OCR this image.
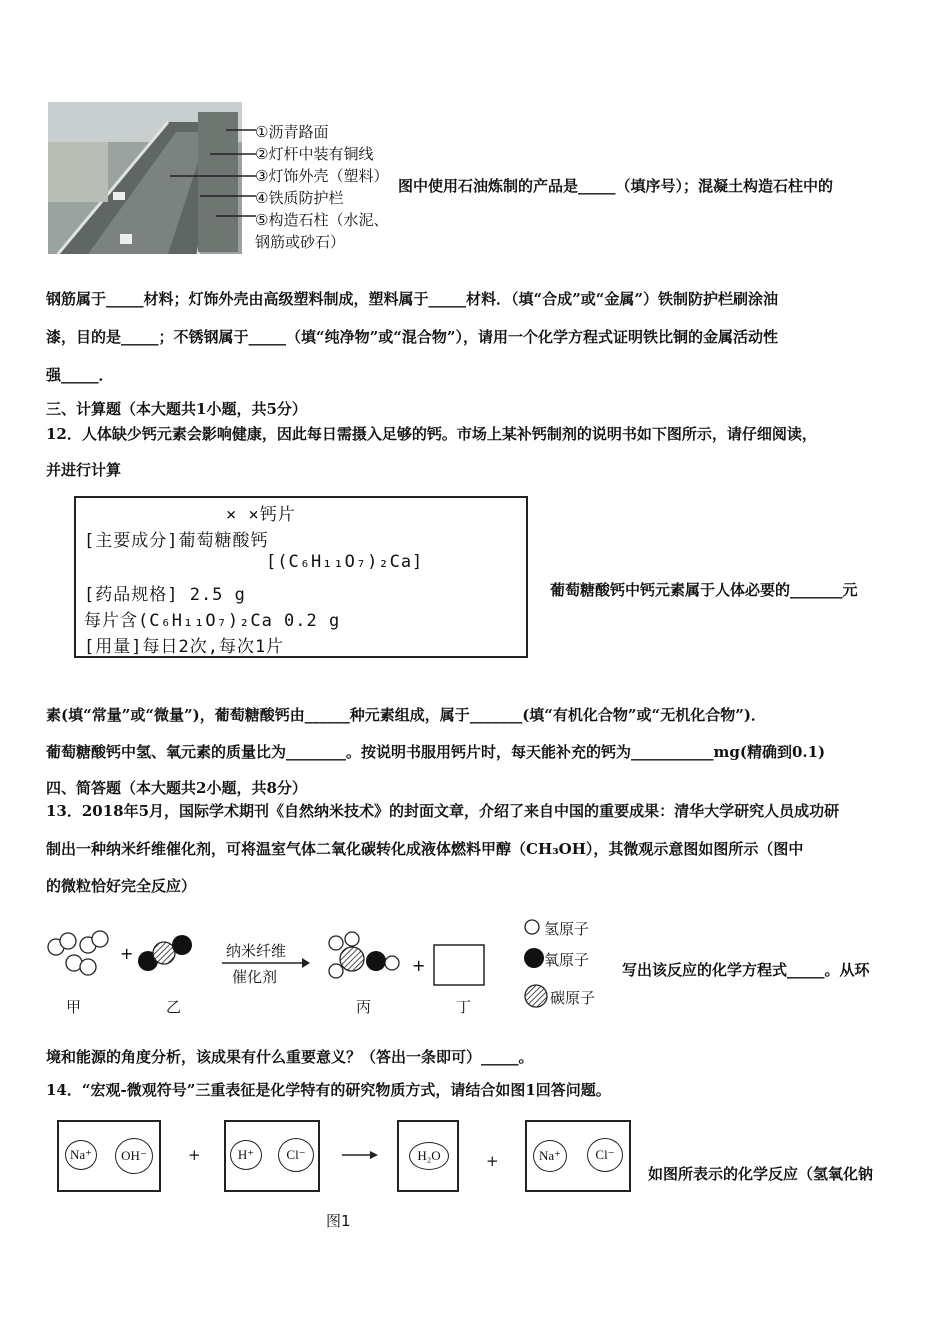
①沥青路面
②灯杆中装有铜线
③灯饰外壳（塑料）
④铁质防护栏
⑤构造石柱（水泥、
钢筋或砂石）
图中使用石油炼制的产品是_____（填序号）；混凝土构造石柱中的
钢筋属于_____材料；灯饰外壳由高级塑料制成，塑料属于_____材料．（填“合成”或“金属”）铁制防护栏刷涂油
漆，目的是_____；不锈钢属于_____（填“纯净物”或“混合物”），请用一个化学方程式证明铁比铜的金属活动性
强_____．
三、计算题（本大题共1小题，共5分）
12．人体缺少钙元素会影响健康，因此每日需摄入足够的钙。市场上某补钙制剂的说明书如下图所示，请仔细阅读，
并进行计算
× ×钙片
[主要成分]葡萄糖酸钙
[(C₆H₁₁O₇)₂Ca]
[药品规格] 2.5 g
每片含(C₆H₁₁O₇)₂Ca 0.2 g
[用量]每日2次,每次1片
葡萄糖酸钙中钙元素属于人体必要的_______元
素(填“常量”或“微量”)，葡萄糖酸钙由______种元素组成，属于_______(填“有机化合物”或“无机化合物”)．
葡萄糖酸钙中氢、氧元素的质量比为________。按说明书服用钙片时，每天能补充的钙为___________mg(精确到0.1)
四、简答题（本大题共2小题，共8分）
13．2018年5月，国际学术期刊《自然纳米技术》的封面文章，介绍了来自中国的重要成果：清华大学研究人员成功研
制出一种纳米纤维催化剂，可将温室气体二氧化碳转化成液体燃料甲醇（CH₃OH），其微观示意图如图所示（图中
的微粒恰好完全反应）
+
+
纳米纤维
催化剂
甲	乙	丙	丁
氢原子
氧原子
碳原子
写出该反应的化学方程式_____。从环
境和能源的角度分析，该成果有什么重要意义？（答出一条即可）_____。
14．“宏观-微观符号”三重表征是化学特有的研究物质方式，请结合如图1回答问题。
Na⁺	OH⁻	+	H⁺	Cl⁻	H₂O	+	Na⁺	Cl⁻
如图所表示的化学反应（氢氧化钠
图1
